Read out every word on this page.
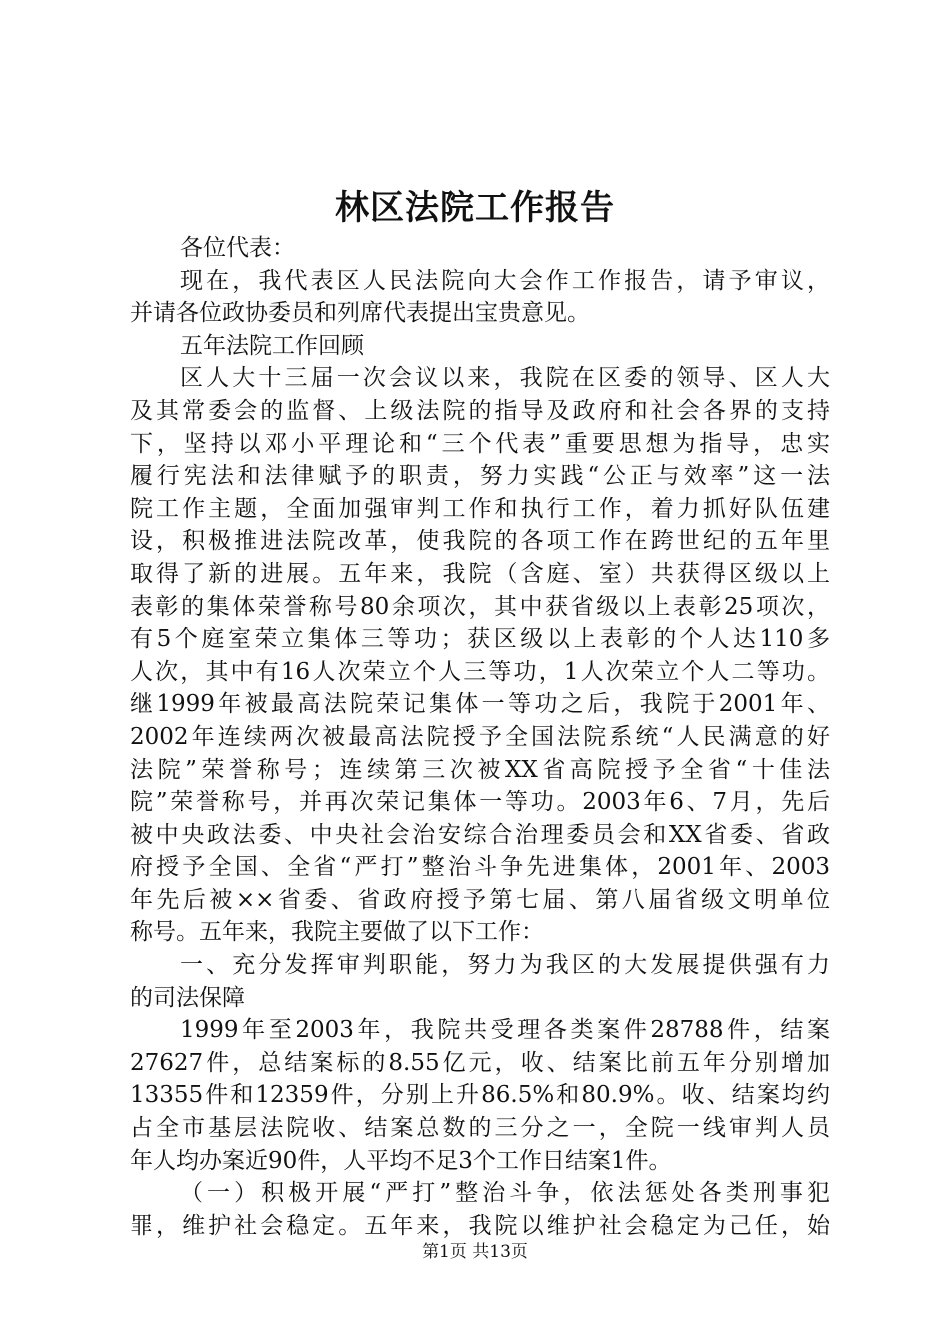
林区法院工作报告
各位代表：
现在，我代表区人民法院向大会作工作报告，请予审议，
并请各位政协委员和列席代表提出宝贵意见。
五年法院工作回顾
区人大十三届一次会议以来，我院在区委的领导、区人大
及其常委会的监督、上级法院的指导及政府和社会各界的支持
下，坚持以邓小平理论和“三个代表”重要思想为指导，忠实
履行宪法和法律赋予的职责，努力实践“公正与效率”这一法
院工作主题，全面加强审判工作和执行工作，着力抓好队伍建
设，积极推进法院改革，使我院的各项工作在跨世纪的五年里
取得了新的进展。五年来，我院（含庭、室）共获得区级以上
表彰的集体荣誉称号80余项次，其中获省级以上表彰25项次，
有5个庭室荣立集体三等功；获区级以上表彰的个人达110多
人次，其中有16人次荣立个人三等功，1人次荣立个人二等功。
继1999年被最高法院荣记集体一等功之后，我院于2001年、
2002年连续两次被最高法院授予全国法院系统“人民满意的好
法院”荣誉称号；连续第三次被XX省高院授予全省“十佳法
院”荣誉称号，并再次荣记集体一等功。2003年6、7月，先后
被中央政法委、中央社会治安综合治理委员会和XX省委、省政
府授予全国、全省“严打”整治斗争先进集体，2001年、2003
年先后被××省委、省政府授予第七届、第八届省级文明单位
称号。五年来，我院主要做了以下工作：
一、充分发挥审判职能，努力为我区的大发展提供强有力
的司法保障
1999年至2003年，我院共受理各类案件28788件，结案
27627件，总结案标的8.55亿元，收、结案比前五年分别增加
13355件和12359件，分别上升86.5%和80.9%。收、结案均约
占全市基层法院收、结案总数的三分之一，全院一线审判人员
年人均办案近90件，人平均不足3个工作日结案1件。
（一）积极开展“严打”整治斗争，依法惩处各类刑事犯
罪，维护社会稳定。五年来，我院以维护社会稳定为己任，始
第1页 共13页
